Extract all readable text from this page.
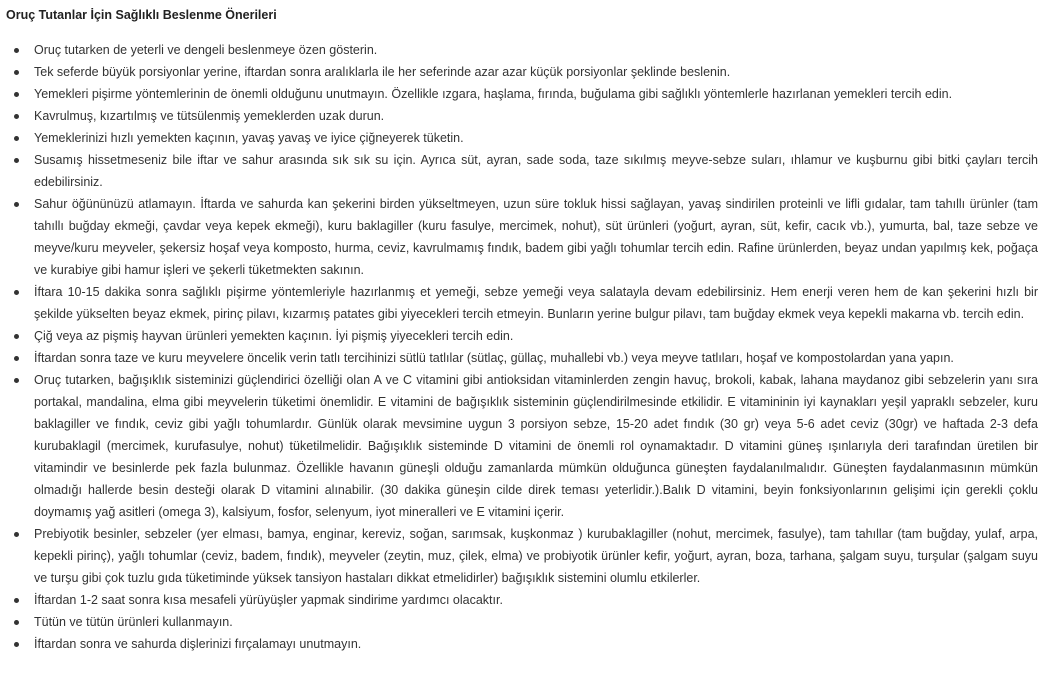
Oruç Tutanlar İçin Sağlıklı Beslenme Önerileri
Oruç tutarken de yeterli ve dengeli beslenmeye özen gösterin.
Tek seferde büyük porsiyonlar yerine, iftardan sonra aralıklarla ile her seferinde azar azar küçük porsiyonlar şeklinde beslenin.
Yemekleri pişirme yöntemlerinin de önemli olduğunu unutmayın. Özellikle ızgara, haşlama, fırında, buğulama gibi sağlıklı yöntemlerle hazırlanan yemekleri tercih edin.
Kavrulmuş, kızartılmış ve tütsülenmiş yemeklerden uzak durun.
Yemeklerinizi hızlı yemekten kaçının, yavaş yavaş ve iyice çiğneyerek tüketin.
Susamış hissetmeseniz bile iftar ve sahur arasında sık sık su için. Ayrıca süt, ayran, sade soda, taze sıkılmış meyve-sebze suları, ıhlamur ve kuşburnu gibi bitki çayları tercih edebilirsiniz.
Sahur öğününüzü atlamayın. İftarda ve sahurda kan şekerini birden yükseltmeyen, uzun süre tokluk hissi sağlayan, yavaş sindirilen proteinli ve lifli gıdalar, tam tahıllı ürünler (tam tahıllı buğday ekmeği, çavdar veya kepek ekmeği), kuru baklagiller (kuru fasulye, mercimek, nohut), süt ürünleri (yoğurt, ayran, süt, kefir, cacık vb.), yumurta, bal, taze sebze ve meyve/kuru meyveler, şekersiz hoşaf veya komposto, hurma, ceviz, kavrulmamış fındık, badem gibi yağlı tohumlar tercih edin. Rafine ürünlerden, beyaz undan yapılmış kek, poğaça ve kurabiye gibi hamur işleri ve şekerli tüketmekten sakının.
İftara 10-15 dakika sonra sağlıklı pişirme yöntemleriyle hazırlanmış et yemeği, sebze yemeği veya salatayla devam edebilirsiniz. Hem enerji veren hem de kan şekerini hızlı bir şekilde yükselten beyaz ekmek, pirinç pilavı, kızarmış patates gibi yiyecekleri tercih etmeyin. Bunların yerine bulgur pilavı, tam buğday ekmek veya kepekli makarna vb. tercih edin.
Çiğ veya az pişmiş hayvan ürünleri yemekten kaçının. İyi pişmiş yiyecekleri tercih edin.
İftardan sonra taze ve kuru meyvelere öncelik verin tatlı tercihinizi sütlü tatlılar (sütlaç, güllaç, muhallebi vb.) veya meyve tatlıları, hoşaf ve kompostolardan yana yapın.
Oruç tutarken, bağışıklık sisteminizi güçlendirici özelliği olan A ve C vitamini gibi antioksidan vitaminlerden zengin havuç, brokoli, kabak, lahana maydanoz gibi sebzelerin yanı sıra portakal, mandalina, elma gibi meyvelerin tüketimi önemlidir. E vitamini de bağışıklık sisteminin güçlendirilmesinde etkilidir. E vitamininin iyi kaynakları yeşil yapraklı sebzeler, kuru baklagiller ve fındık, ceviz gibi yağlı tohumlardır. Günlük olarak mevsimine uygun 3 porsiyon sebze, 15-20 adet fındık (30 gr) veya 5-6 adet ceviz (30gr) ve haftada 2-3 defa kurubaklagil (mercimek, kurufasulye, nohut) tüketilmelidir. Bağışıklık sisteminde D vitamini de önemli rol oynamaktadır. D vitamini güneş ışınlarıyla deri tarafından üretilen bir vitamindir ve besinlerde pek fazla bulunmaz. Özellikle havanın güneşli olduğu zamanlarda mümkün olduğunca güneşten faydalanılmalıdır. Güneşten faydalanmasının mümkün olmadığı hallerde besin desteği olarak D vitamini alınabilir. (30 dakika güneşin cilde direk teması yeterlidir.).Balık D vitamini, beyin fonksiyonlarının gelişimi için gerekli çoklu doymamış yağ asitleri (omega 3), kalsiyum, fosfor, selenyum, iyot mineralleri ve E vitamini içerir.
Prebiyotik besinler, sebzeler (yer elması, bamya, enginar, kereviz, soğan, sarımsak, kuşkonmaz ) kurubaklagiller (nohut, mercimek, fasulye), tam tahıllar (tam buğday, yulaf, arpa, kepekli pirinç), yağlı tohumlar (ceviz, badem, fındık), meyveler (zeytin, muz, çilek, elma) ve probiyotik ürünler kefir, yoğurt, ayran, boza, tarhana, şalgam suyu, turşular (şalgam suyu ve turşu gibi çok tuzlu gıda tüketiminde yüksek tansiyon hastaları dikkat etmelidirler) bağışıklık sistemini olumlu etkilerler.
İftardan 1-2 saat sonra kısa mesafeli yürüyüşler yapmak sindirime yardımcı olacaktır.
Tütün ve tütün ürünleri kullanmayın.
İftardan sonra ve sahurda dişlerinizi fırçalamayı unutmayın.
